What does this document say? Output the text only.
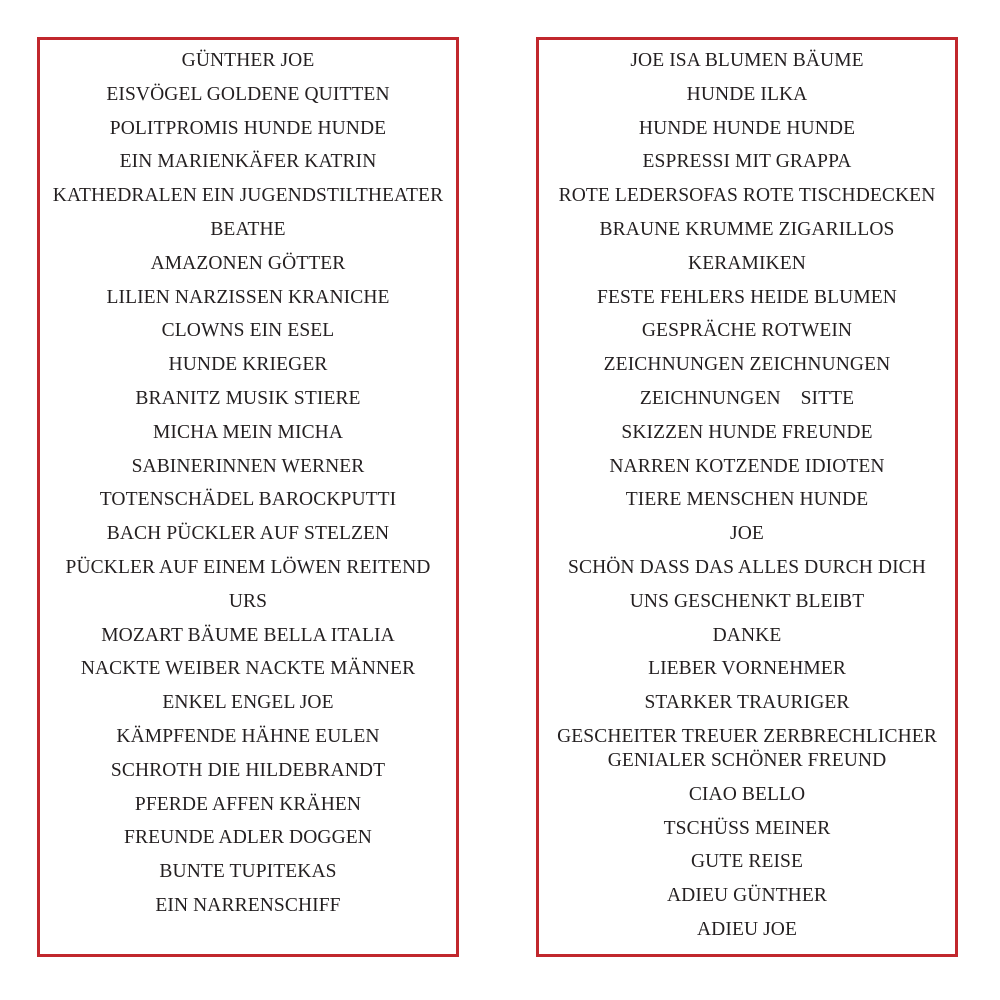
GÜNTHER JOE
EISVÖGEL GOLDENE QUITTEN
POLITPROMIS HUNDE HUNDE
EIN MARIENKÄFER KATRIN
KATHEDRALEN EIN JUGENDSTILTHEATER
BEATHE
AMAZONEN GÖTTER
LILIEN NARZISSEN KRANICHE
CLOWNS EIN ESEL
HUNDE KRIEGER
BRANITZ MUSIK STIERE
MICHA MEIN MICHA
SABINERINNEN WERNER
TOTENSCHÄDEL BAROCKPUTTI
BACH PÜCKLER AUF STELZEN
PÜCKLER AUF EINEM LÖWEN REITEND
URS
MOZART BÄUME BELLA ITALIA
NACKTE WEIBER NACKTE MÄNNER
ENKEL ENGEL JOE
KÄMPFENDE HÄHNE EULEN
SCHROTH DIE HILDEBRANDT
PFERDE AFFEN KRÄHEN
FREUNDE ADLER DOGGEN
BUNTE TUPITEKAS
EIN NARRENSCHIFF
JOE ISA BLUMEN BÄUME
HUNDE ILKA
HUNDE HUNDE HUNDE
ESPRESSI MIT GRAPPA
ROTE LEDERSOFAS ROTE TISCHDECKEN
BRAUNE KRUMME ZIGARILLOS
KERAMIKEN
FESTE FEHLERS HEIDE BLUMEN
GESPRÄCHE ROTWEIN
ZEICHNUNGEN ZEICHNUNGEN
ZEICHNUNGEN    SITTE
SKIZZEN HUNDE FREUNDE
NARREN KOTZENDE IDIOTEN
TIERE MENSCHEN HUNDE
JOE
SCHÖN DASS DAS ALLES DURCH DICH
UNS GESCHENKT BLEIBT
DANKE
LIEBER VORNEHMER
STARKER TRAURIGER
GESCHEITER TREUER ZERBRECHLICHER
GENIALER SCHÖNER FREUND
CIAO BELLO
TSCHÜSS MEINER
GUTE REISE
ADIEU GÜNTHER
ADIEU JOE
